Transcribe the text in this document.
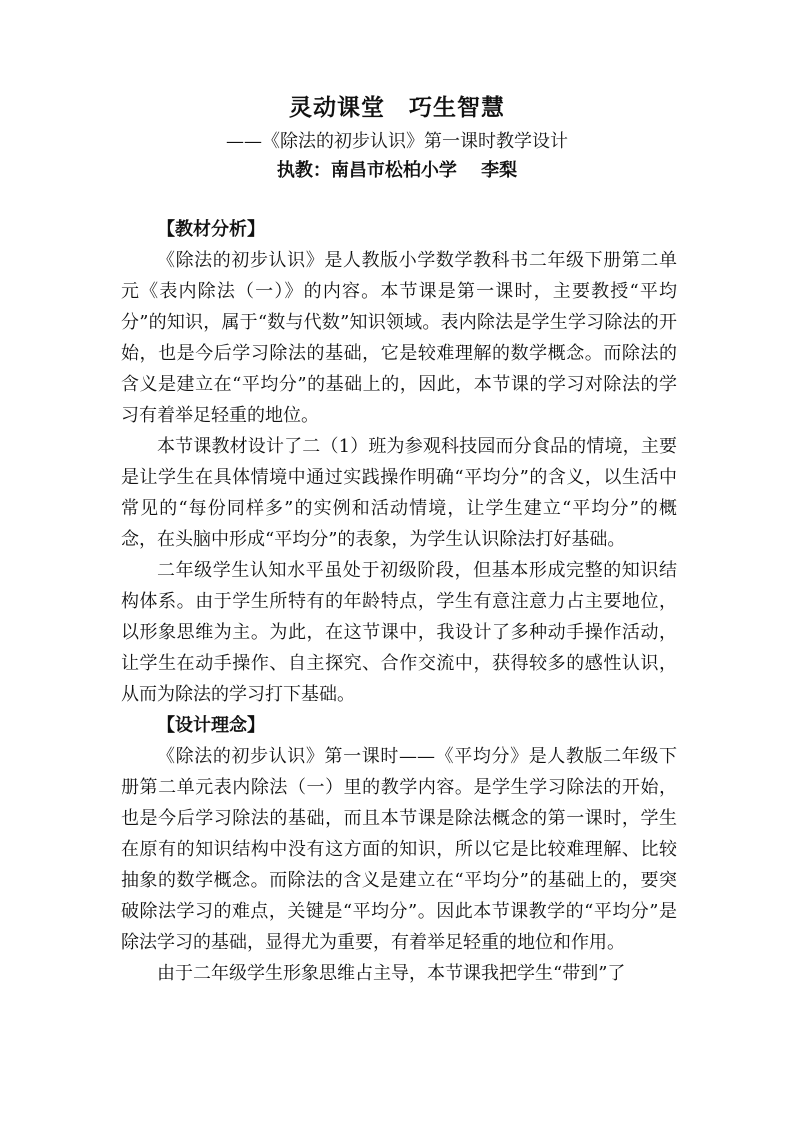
灵动课堂　巧生智慧

——《除法的初步认识》第一课时教学设计

执教：南昌市松柏小学　 李梨

【教材分析】

《除法的初步认识》是人教版小学数学教科书二年级下册第二单元《表内除法（一）》的内容。本节课是第一课时，主要教授“平均分”的知识，属于“数与代数”知识领域。表内除法是学生学习除法的开始，也是今后学习除法的基础，它是较难理解的数学概念。而除法的含义是建立在“平均分”的基础上的，因此，本节课的学习对除法的学习有着举足轻重的地位。

本节课教材设计了二（1）班为参观科技园而分食品的情境，主要是让学生在具体情境中通过实践操作明确“平均分”的含义，以生活中常见的“每份同样多”的实例和活动情境，让学生建立“平均分”的概念，在头脑中形成“平均分”的表象，为学生认识除法打好基础。

二年级学生认知水平虽处于初级阶段，但基本形成完整的知识结构体系。由于学生所特有的年龄特点，学生有意注意力占主要地位，以形象思维为主。为此，在这节课中，我设计了多种动手操作活动，让学生在动手操作、自主探究、合作交流中，获得较多的感性认识，从而为除法的学习打下基础。

【设计理念】

《除法的初步认识》第一课时——《平均分》是人教版二年级下册第二单元表内除法（一）里的教学内容。是学生学习除法的开始，也是今后学习除法的基础，而且本节课是除法概念的第一课时，学生在原有的知识结构中没有这方面的知识，所以它是比较难理解、比较抽象的数学概念。而除法的含义是建立在“平均分”的基础上的，要突破除法学习的难点，关键是“平均分”。因此本节课教学的“平均分”是除法学习的基础，显得尤为重要，有着举足轻重的地位和作用。

由于二年级学生形象思维占主导，本节课我把学生“带到”了
